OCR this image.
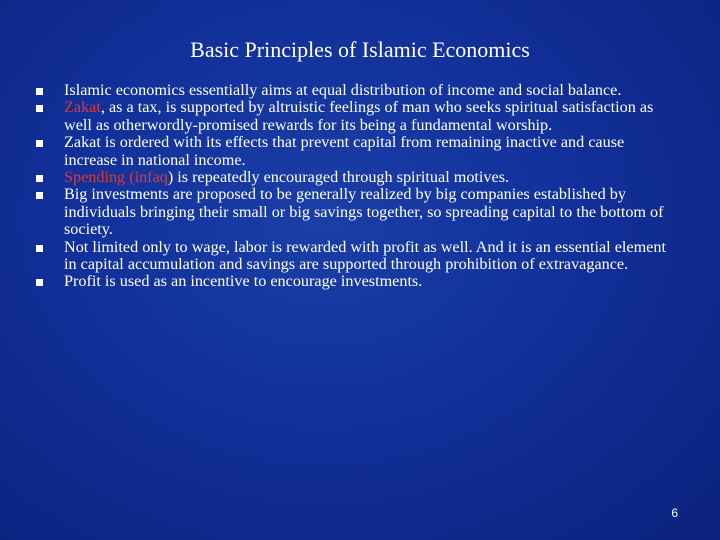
Basic Principles of Islamic Economics
Islamic economics essentially aims at equal distribution of income and social balance.
Zakat, as a tax, is supported by altruistic feelings of man who seeks spiritual satisfaction as well as otherwordly-promised rewards for its being a fundamental worship.
Zakat is ordered with its effects that prevent capital from remaining inactive and cause increase in national income.
Spending (infaq) is repeatedly encouraged through spiritual motives.
Big investments are proposed to be generally realized by big companies established by individuals bringing their small or big savings together, so spreading capital to the bottom of society.
Not limited only to wage, labor is rewarded with profit as well. And it is an essential element in capital accumulation and savings are supported through prohibition of extravagance.
Profit is used as an incentive to encourage investments.
6
